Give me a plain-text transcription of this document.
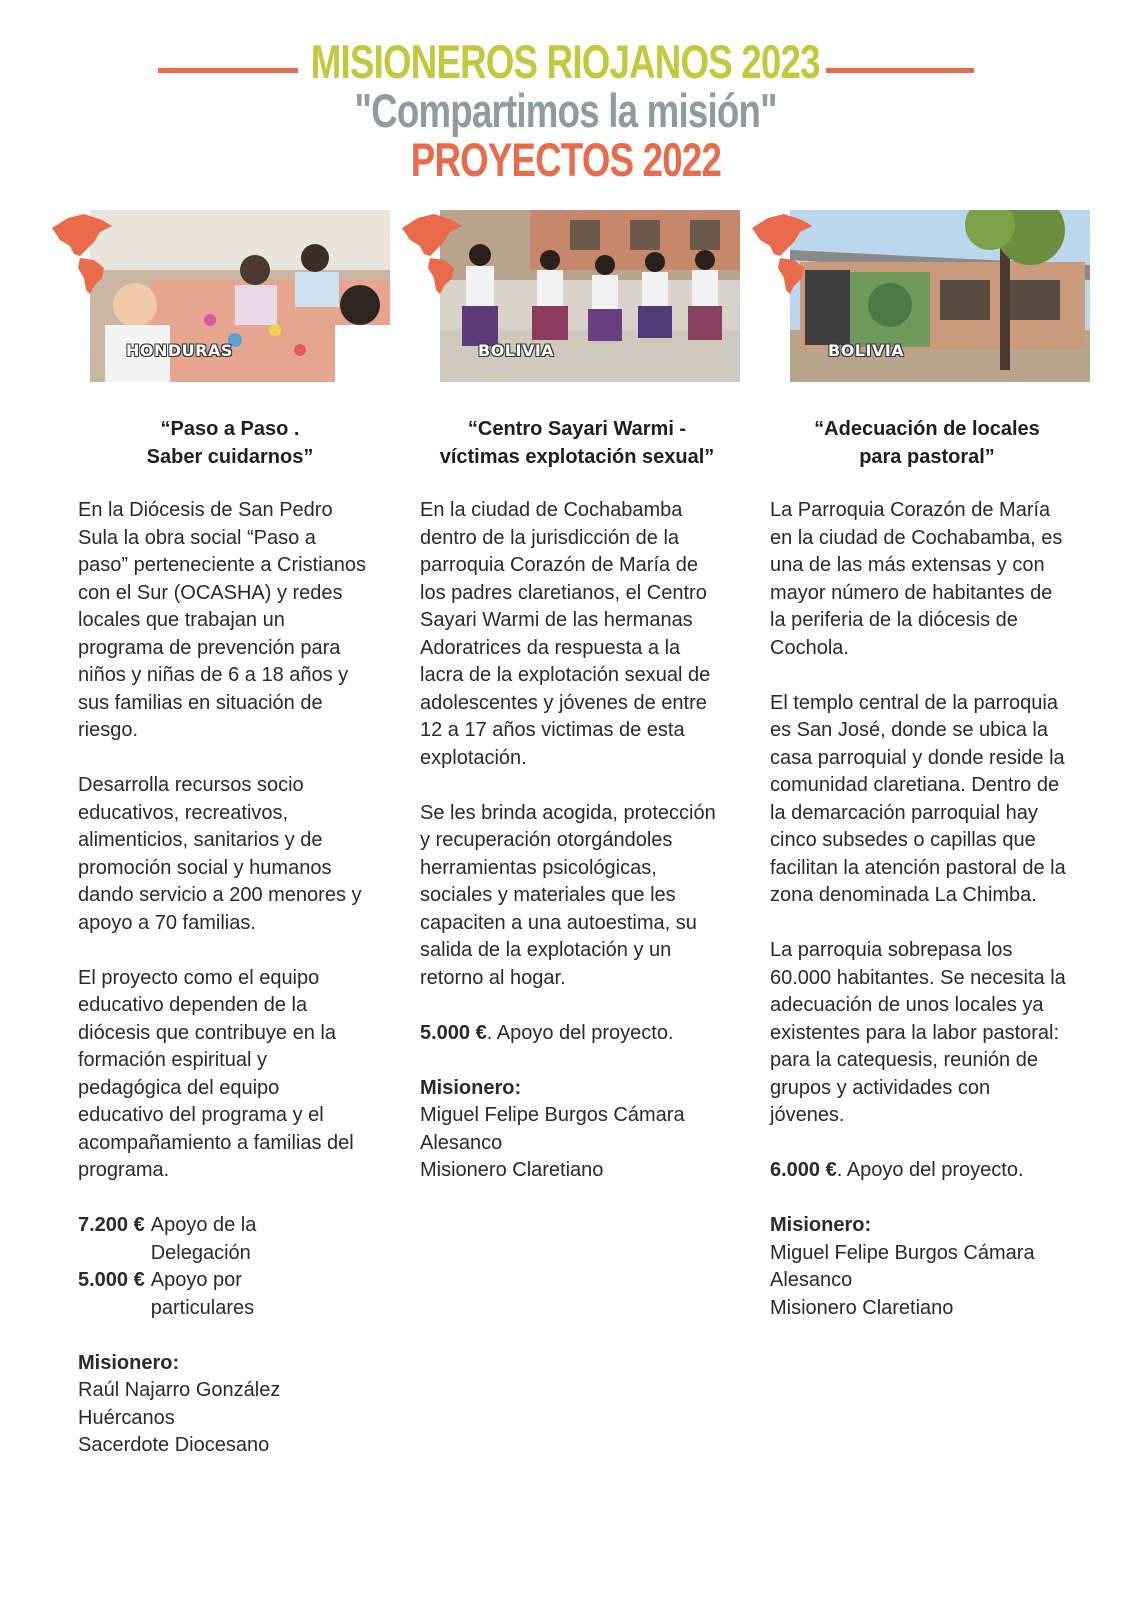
MISIONEROS RIOJANOS 2023
"Compartimos la misión"
PROYECTOS 2022
HONDURAS
“Paso a Paso .
Saber cuidarnos”

En la Diócesis de San Pedro Sula la obra social “Paso a paso” perteneciente a Cristianos con el Sur (OCASHA) y redes locales que trabajan un programa de prevención para niños y niñas de 6 a 18 años y sus familias en situación de riesgo.

Desarrolla recursos socio educativos, recreativos, alimenticios, sanitarios y de promoción social y humanos dando servicio a 200 menores y apoyo a 70 familias.

El proyecto como el equipo educativo dependen de la diócesis que contribuye en la formación espiritual y pedagógica del equipo educativo del programa y el acompañamiento a familias del programa.

7.200 € Apoyo de la Delegación
5.000 € Apoyo por particulares
Misionero:
Raúl Najarro González
Huércanos
Sacerdote Diocesano
BOLIVIA
“Centro Sayari Warmi -
víctimas explotación sexual”

En la ciudad de Cochabamba dentro de la jurisdicción de la parroquia Corazón de María de los padres claretianos, el Centro Sayari Warmi de las hermanas Adoratrices da respuesta a la lacra de la explotación sexual de adolescentes y jóvenes de entre 12 a 17 años victimas de esta explotación.

Se les brinda acogida, protección y recuperación otorgándoles herramientas psicológicas, sociales y materiales que les capaciten a una autoestima, su salida de la explotación y un retorno al hogar.

5.000 €. Apoyo del proyecto.

Misionero:
Miguel Felipe Burgos Cámara
Alesanco
Misionero Claretiano
BOLIVIA
“Adecuación de locales
para pastoral”

La Parroquia Corazón de María en la ciudad de Cochabamba, es una de las más extensas y con mayor número de habitantes de la periferia de la diócesis de Cochola.

El templo central de la parroquia es San José, donde se ubica la casa parroquial y donde reside la comunidad claretiana. Dentro de la demarcación parroquial hay cinco subsedes o capillas que facilitan la atención pastoral de la zona denominada La Chimba.

La parroquia sobrepasa los 60.000 habitantes. Se necesita la adecuación de unos locales ya existentes para la labor pastoral: para la catequesis, reunión de grupos y actividades con jóvenes.

6.000 €. Apoyo del proyecto.

Misionero:
Miguel Felipe Burgos Cámara
Alesanco
Misionero Claretiano
